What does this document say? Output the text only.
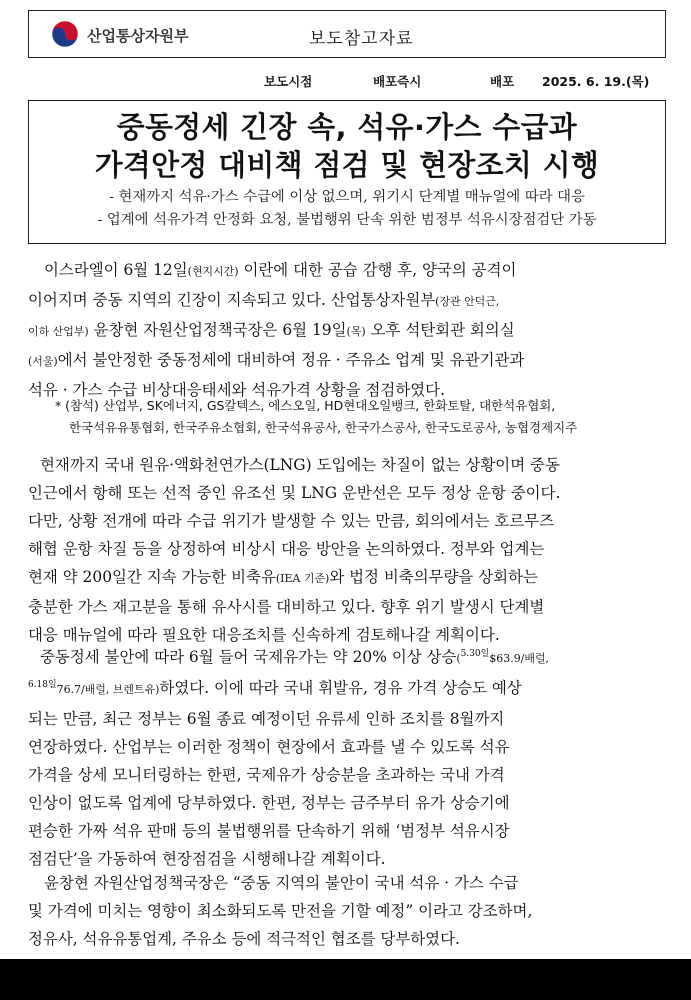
산업통상자원부	보도참고자료
보도시점	배포즉시	배포 2025. 6. 19.(목)
중동정세 긴장 속, 석유·가스 수급과
가격안정 대비책 점검 및 현장조치 시행
- 현재까지 석유·가스 수급에 이상 없으며, 위기시 단계별 매뉴얼에 따라 대응
- 업계에 석유가격 안정화 요청, 불법행위 단속 위한 범정부 석유시장점검단 가동
이스라엘이 6월 12일(현지시간) 이란에 대한 공습 감행 후, 양국의 공격이
이어지며 중동 지역의 긴장이 지속되고 있다. 산업통상자원부(장관 안덕근,
이하 산업부) 윤창현 자원산업정책국장은 6월 19일(목) 오후 석탄회관 회의실
(서울)에서 불안정한 중동정세에 대비하여 정유 · 주유소 업계 및 유관기관과
석유 · 가스 수급 비상대응태세와 석유가격 상황을 점검하였다.
* (참석) 산업부, SK에너지, GS칼텍스, 에스오일, HD현대오일뱅크, 한화토탈, 대한석유협회,
한국석유유통협회, 한국주유소협회, 한국석유공사, 한국가스공사, 한국도로공사, 농협경제지주
현재까지 국내 원유·액화천연가스(LNG) 도입에는 차질이 없는 상황이며 중동
인근에서 항해 또는 선적 중인 유조선 및 LNG 운반선은 모두 정상 운항 중이다.
다만, 상황 전개에 따라 수급 위기가 발생할 수 있는 만큼, 회의에서는 호르무즈
해협 운항 차질 등을 상정하여 비상시 대응 방안을 논의하였다. 정부와 업계는
현재 약 200일간 지속 가능한 비축유(IEA 기준)와 법정 비축의무량을 상회하는
충분한 가스 재고분을 통해 유사시를 대비하고 있다. 향후 위기 발생시 단계별
대응 매뉴얼에 따라 필요한 대응조치를 신속하게 검토해나갈 계획이다.
중동정세 불안에 따라 6월 들어 국제유가는 약 20% 이상 상승($^{5.30일}$\$63.9/배럴,
$^{6.18일}$76.7/배럴, 브렌트유)하였다. 이에 따라 국내 휘발유, 경유 가격 상승도 예상
되는 만큼, 최근 정부는 6월 종료 예정이던 유류세 인하 조치를 8월까지
연장하였다. 산업부는 이러한 정책이 현장에서 효과를 낼 수 있도록 석유
가격을 상세 모니터링하는 한편, 국제유가 상승분을 초과하는 국내 가격
인상이 없도록 업계에 당부하였다. 한편, 정부는 금주부터 유가 상승기에
편승한 가짜 석유 판매 등의 불법행위를 단속하기 위해 ‘범정부 석유시장
점검단’을 가동하여 현장점검을 시행해나갈 계획이다.
윤창현 자원산업정책국장은 “중동 지역의 불안이 국내 석유 · 가스 수급
및 가격에 미치는 영향이 최소화되도록 만전을 기할 예정” 이라고 강조하며,
정유사, 석유유통업계, 주유소 등에 적극적인 협조를 당부하였다.
